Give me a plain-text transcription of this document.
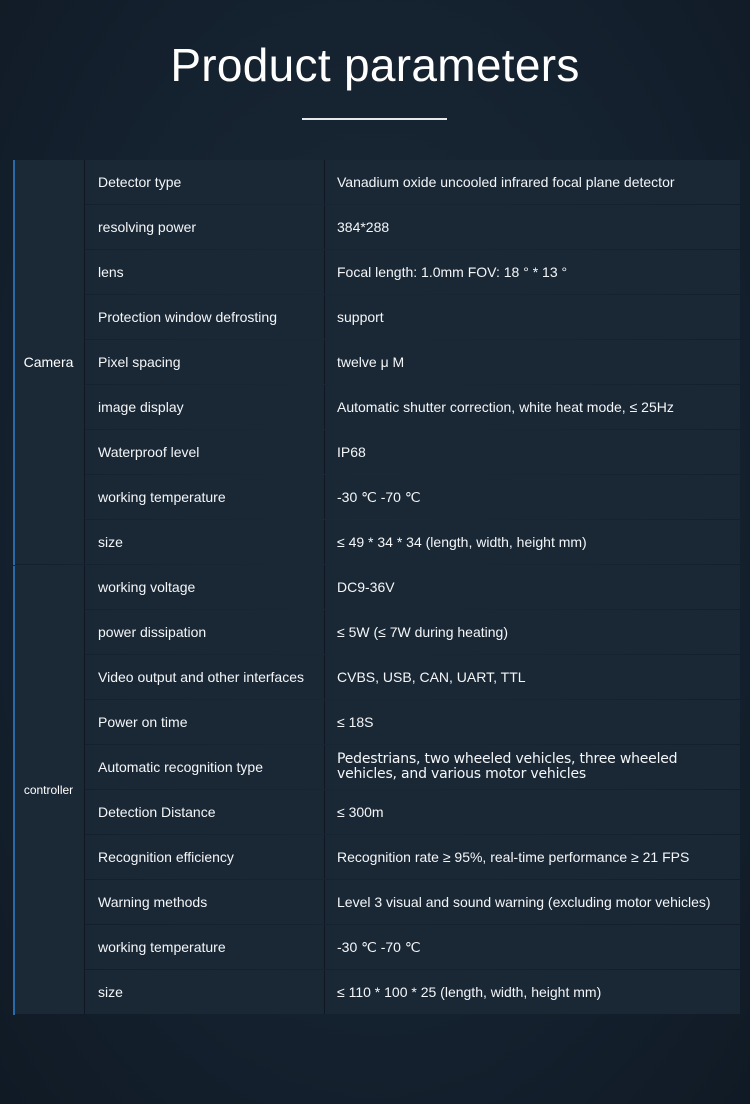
Product parameters
Camera
Detector type	Vanadium oxide uncooled infrared focal plane detector
resolving power	384*288
lens	Focal length: 1.0mm FOV: 18 ° * 13 °
Protection window defrosting	support
Pixel spacing	twelve μ M
image display	Automatic shutter correction, white heat mode, ≤ 25Hz
Waterproof level	IP68
working temperature	-30 ℃ -70 ℃
size	≤ 49 * 34 * 34 (length, width, height mm)
controller
working voltage	DC9-36V
power dissipation	≤ 5W (≤ 7W during heating)
Video output and other interfaces	CVBS, USB, CAN, UART, TTL
Power on time	≤ 18S
Automatic recognition type	Pedestrians, two wheeled vehicles, three wheeled vehicles, and various motor vehicles
Detection Distance	≤ 300m
Recognition efficiency	Recognition rate ≥ 95%, real-time performance ≥ 21 FPS
Warning methods	Level 3 visual and sound warning (excluding motor vehicles)
working temperature	-30 ℃ -70 ℃
size	≤ 110 * 100 * 25 (length, width, height mm)
